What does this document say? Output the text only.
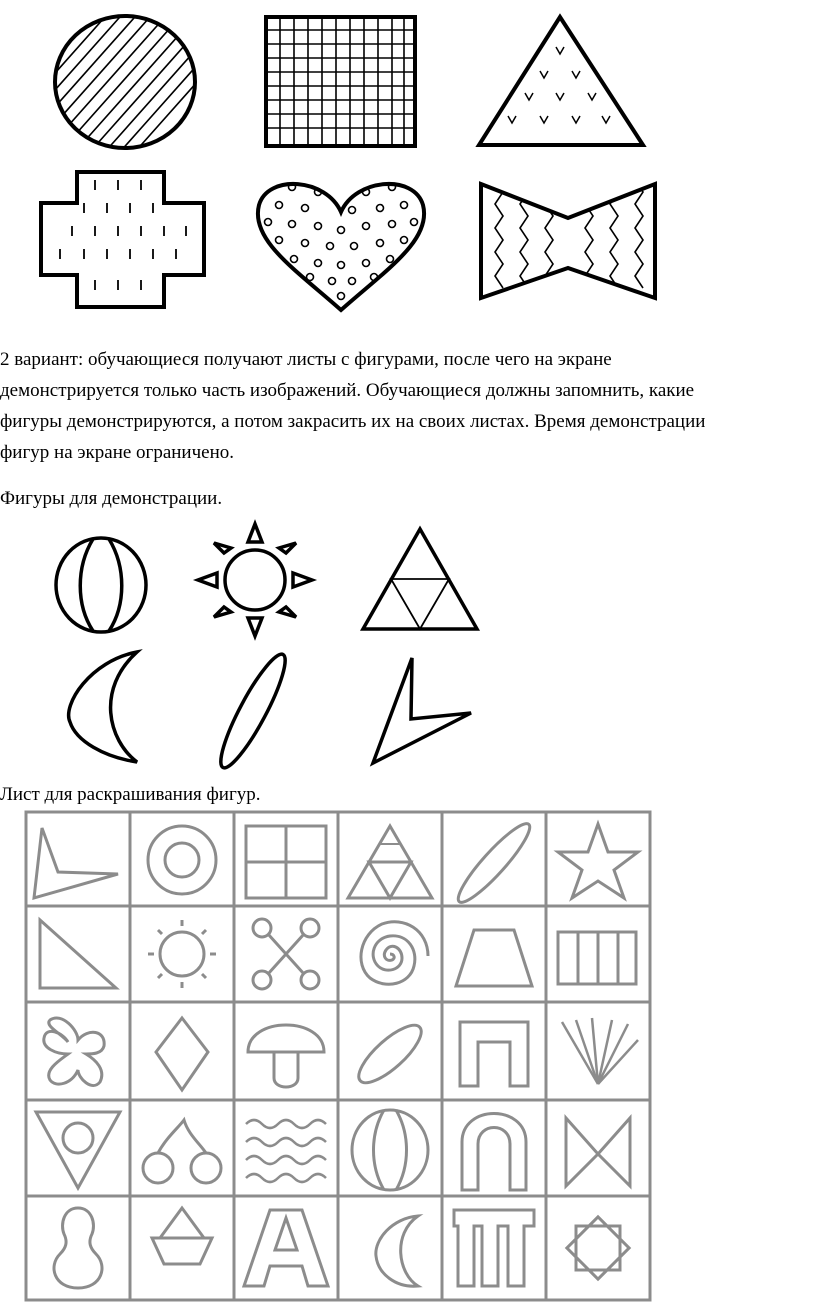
2 вариант: обучающиеся получают листы с фигурами, после чего на экране
демонстрируется только часть изображений. Обучающиеся должны запомнить, какие
фигуры демонстрируются, а потом закрасить их на своих листах. Время демонстрации
фигур на экране ограничено.
Фигуры для демонстрации.
Лист для раскрашивания фигур.
